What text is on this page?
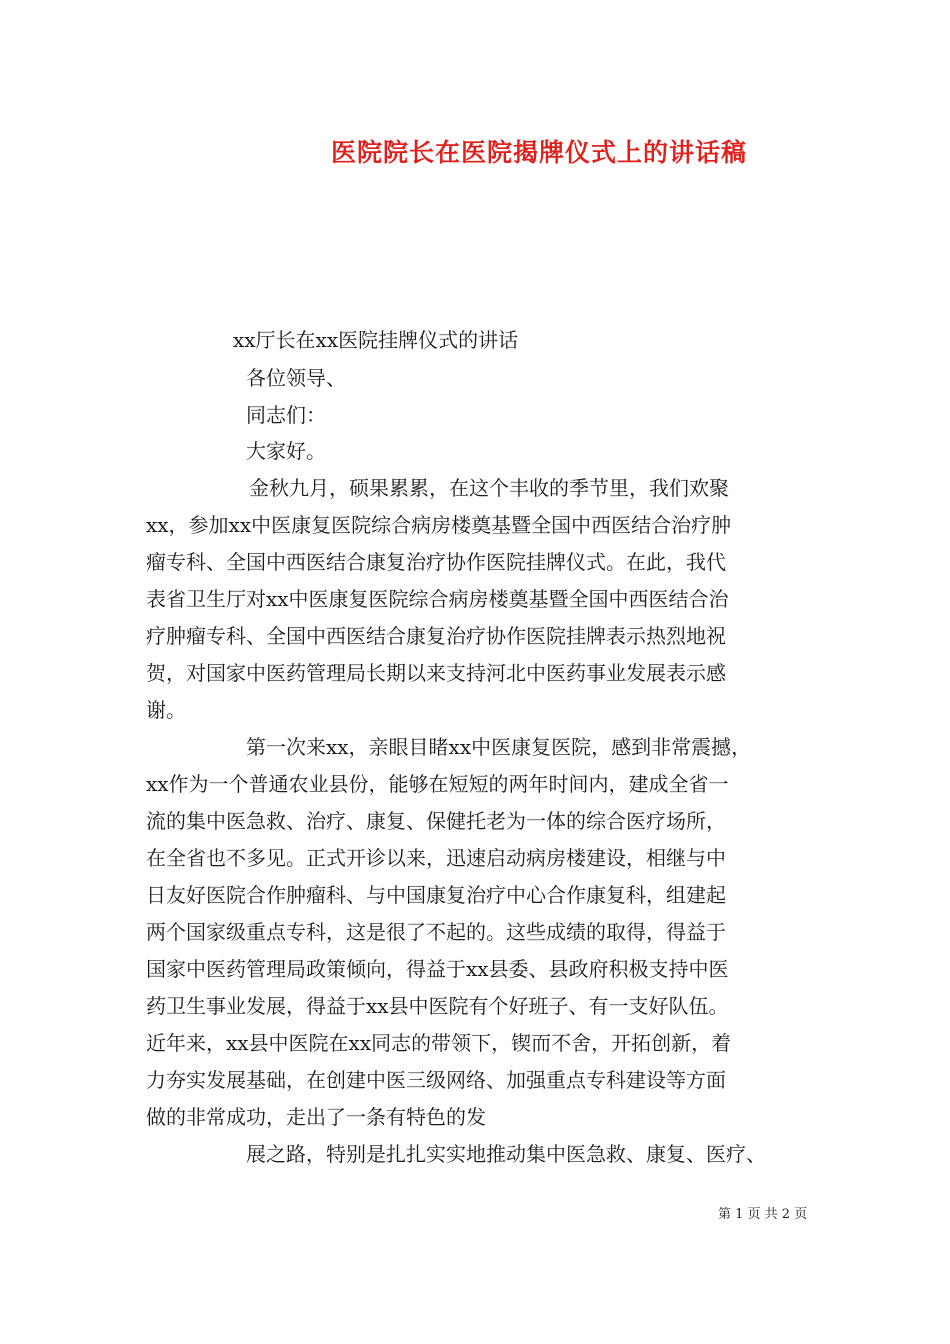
医院院长在医院揭牌仪式上的讲话稿
xx厅长在xx医院挂牌仪式的讲话
各位领导、
同志们：
大家好。
金秋九月，硕果累累，在这个丰收的季节里，我们欢聚
xx，参加xx中医康复医院综合病房楼奠基暨全国中西医结合治疗肿
瘤专科、全国中西医结合康复治疗协作医院挂牌仪式。在此，我代
表省卫生厅对xx中医康复医院综合病房楼奠基暨全国中西医结合治
疗肿瘤专科、全国中西医结合康复治疗协作医院挂牌表示热烈地祝
贺，对国家中医药管理局长期以来支持河北中医药事业发展表示感
谢。
第一次来xx，亲眼目睹xx中医康复医院，感到非常震撼，
xx作为一个普通农业县份，能够在短短的两年时间内，建成全省一
流的集中医急救、治疗、康复、保健托老为一体的综合医疗场所，
在全省也不多见。正式开诊以来，迅速启动病房楼建设，相继与中
日友好医院合作肿瘤科、与中国康复治疗中心合作康复科，组建起
两个国家级重点专科，这是很了不起的。这些成绩的取得，得益于
国家中医药管理局政策倾向，得益于xx县委、县政府积极支持中医
药卫生事业发展，得益于xx县中医院有个好班子、有一支好队伍。
近年来，xx县中医院在xx同志的带领下，锲而不舍，开拓创新，着
力夯实发展基础，在创建中医三级网络、加强重点专科建设等方面
做的非常成功，走出了一条有特色的发
展之路，特别是扎扎实实地推动集中医急救、康复、医疗、
第 1 页 共 2 页
